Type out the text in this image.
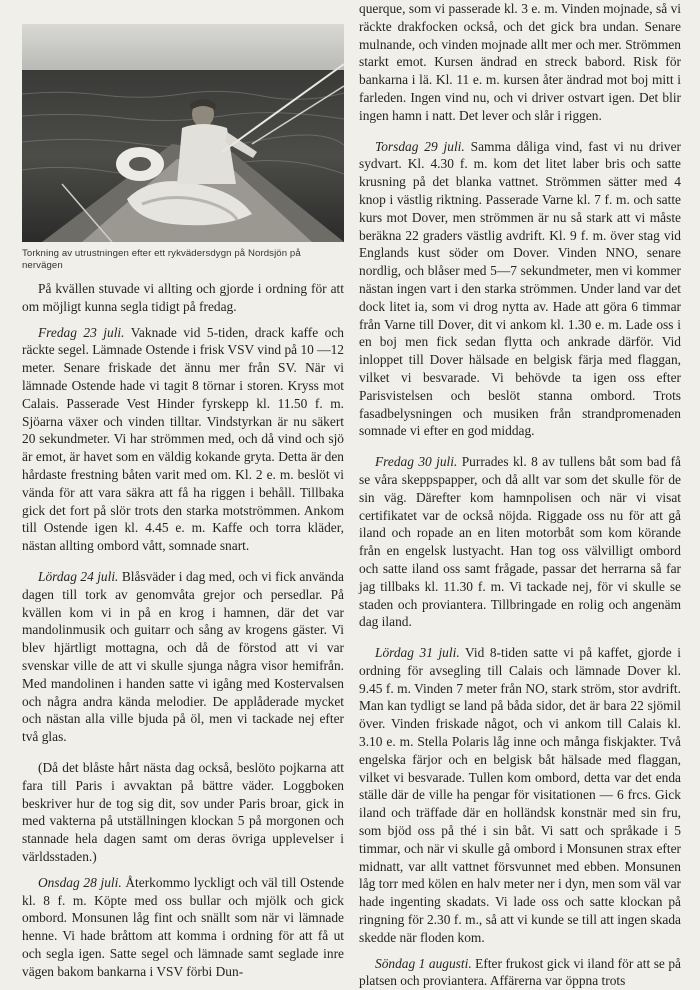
Torkning av utrustningen efter ett rykvädersdygn på Nordsjön på nervägen

På kvällen stuvade vi allting och gjorde i ordning för att om möjligt kunna segla tidigt på fredag.

Fredag 23 juli. Vaknade vid 5-tiden, drack kaffe och räckte segel. Lämnade Ostende i frisk VSV vind på 10 —12 meter. Senare friskade det ännu mer från SV. När vi lämnade Ostende hade vi tagit 8 törnar i storen. Kryss mot Calais. Passerade Vest Hinder fyrskepp kl. 11.50 f. m. Sjöarna växer och vinden tilltar. Vindstyrkan är nu säkert 20 sekundmeter. Vi har strömmen med, och då vind och sjö är emot, är havet som en väldig kokande gryta. Detta är den hårdaste frestning båten varit med om. Kl. 2 e. m. beslöt vi vända för att vara säkra att få ha riggen i behåll. Tillbaka gick det fort på slör trots den starka motströmmen. Ankom till Ostende igen kl. 4.45 e. m. Kaffe och torra kläder, nästan allting ombord vått, somnade snart.

Lördag 24 juli. Blåsväder i dag med, och vi fick använda dagen till tork av genomvåta grejor och persedlar. På kvällen kom vi in på en krog i hamnen, där det var mandolinmusik och guitarr och sång av krogens gäster. Vi blev hjärtligt mottagna, och då de förstod att vi var svenskar ville de att vi skulle sjunga några visor hemifrån. Med mandolinen i handen satte vi igång med Kostervalsen och några andra kända melodier. De applåderade mycket och nästan alla ville bjuda på öl, men vi tackade nej efter två glas.

(Då det blåste hårt nästa dag också, beslöto pojkarna att fara till Paris i avvaktan på bättre väder. Loggboken beskriver hur de tog sig dit, sov under Paris broar, gick in med vakterna på utställningen klockan 5 på morgonen och stannade hela dagen samt om deras övriga upplevelser i världsstaden.)

Onsdag 28 juli. Återkommo lyckligt och väl till Ostende kl. 8 f. m. Köpte med oss bullar och mjölk och gick ombord. Monsunen låg fint och snällt som när vi lämnade henne. Vi hade bråttom att komma i ordning för att få ut och segla igen. Satte segel och lämnade samt seglade inre vägen bakom bankarna i VSV förbi Dun-

querque, som vi passerade kl. 3 e. m. Vinden mojnade, så vi räckte drakfocken också, och det gick bra undan. Senare mulnande, och vinden mojnade allt mer och mer. Strömmen starkt emot. Kursen ändrad en streck babord. Risk för bankarna i lä. Kl. 11 e. m. kursen åter ändrad mot boj mitt i farleden. Ingen vind nu, och vi driver ostvart igen. Det blir ingen hamn i natt. Det lever och slår i riggen.

Torsdag 29 juli. Samma dåliga vind, fast vi nu driver sydvart. Kl. 4.30 f. m. kom det litet laber bris och satte krusning på det blanka vattnet. Strömmen sätter med 4 knop i västlig riktning. Passerade Varne kl. 7 f. m. och satte kurs mot Dover, men strömmen är nu så stark att vi måste beräkna 22 graders västlig avdrift. Kl. 9 f. m. över stag vid Englands kust söder om Dover. Vinden NNO, senare nordlig, och blåser med 5—7 sekundmeter, men vi kommer nästan ingen vart i den starka strömmen. Under land var det dock litet iа, som vi drog nytta av. Hade att göra 6 timmar från Varne till Dover, dit vi ankom kl. 1.30 e. m. Lade oss i en boj men fick sedan flytta och ankrade därför. Vid inloppet till Dover hälsade en belgisk färja med flaggan, vilket vi besvarade. Vi behövde ta igen oss efter Parisvistelsen och beslöt stanna ombord. Trots fasadbelysningen och musiken från strandpromenaden somnade vi efter en god middag.

Fredag 30 juli. Purrades kl. 8 av tullens båt som bad få se våra skeppspapper, och då allt var som det skulle för de sin väg. Därefter kom hamnpolisen och när vi visat certifikatet var de också nöjda. Riggade oss nu för att gå iland och ropade an en liten motorbåt som kom körande från en engelsk lustyacht. Han tog oss välvilligt ombord och satte iland oss samt frågade, passar det herrarna så far jag tillbaks kl. 11.30 f. m. Vi tackade nej, för vi skulle se staden och proviantera. Tillbringade en rolig och angenäm dag iland.

Lördag 31 juli. Vid 8-tiden satte vi på kaffet, gjorde i ordning för avsegling till Calais och lämnade Dover kl. 9.45 f. m. Vinden 7 meter från NO, stark ström, stor avdrift. Man kan tydligt se land på båda sidor, det är bara 22 sjömil över. Vinden friskade något, och vi ankom till Calais kl. 3.10 e. m. Stella Polaris låg inne och många fiskjakter. Två engelska färjor och en belgisk båt hälsade med flaggan, vilket vi besvarade. Tullen kom ombord, detta var det enda ställe där de ville ha pengar för visitationen — 6 frcs. Gick iland och träffade där en holländsk konstnär med sin fru, som bjöd oss på thé i sin båt. Vi satt och språkade i 5 timmar, och när vi skulle gå ombord i Monsunen strax efter midnatt, var allt vattnet försvunnet med ebben. Monsunen låg torr med kölen en halv meter ner i dyn, men som väl var hade ingenting skadats. Vi lade oss och satte klockan på ringning för 2.30 f. m., så att vi kunde se till att ingen skada skedde när floden kom.

Söndag 1 augusti. Efter frukost gick vi iland för att se på platsen och proviantera. Affärerna var öppna trots
